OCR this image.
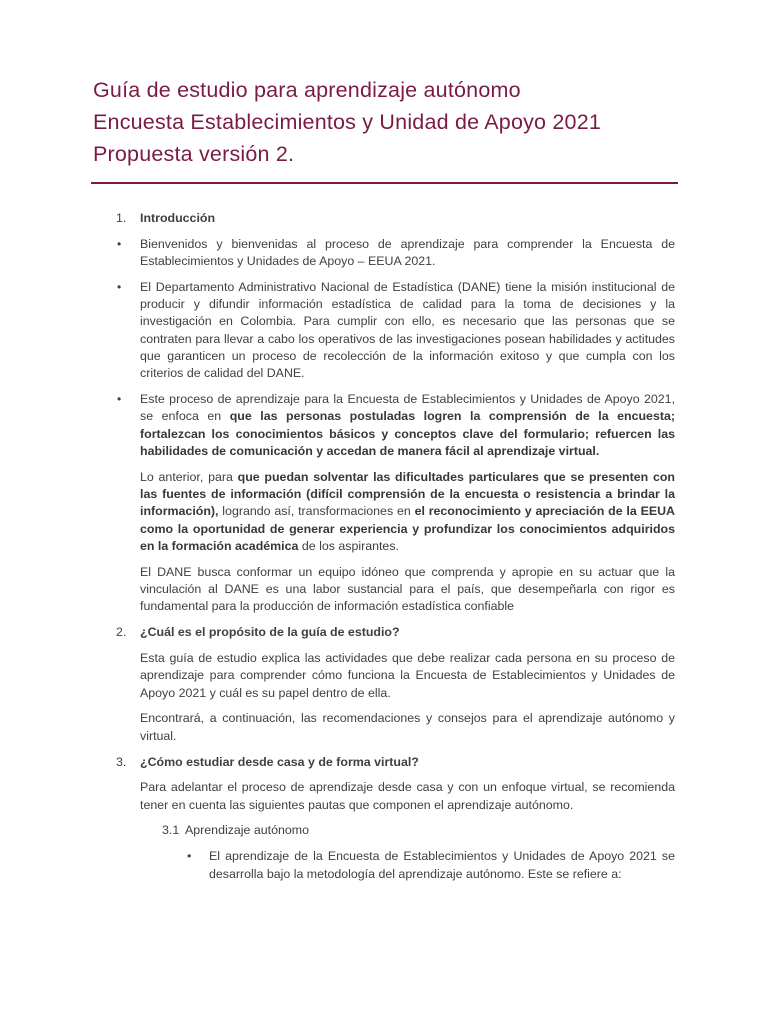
Guía de estudio para aprendizaje autónomo
Encuesta Establecimientos y Unidad de Apoyo 2021
Propuesta versión 2.
1. Introducción
• Bienvenidos y bienvenidas al proceso de aprendizaje para comprender la Encuesta de Establecimientos y Unidades de Apoyo – EEUA 2021.
• El Departamento Administrativo Nacional de Estadística (DANE) tiene la misión institucional de producir y difundir información estadística de calidad para la toma de decisiones y la investigación en Colombia. Para cumplir con ello, es necesario que las personas que se contraten para llevar a cabo los operativos de las investigaciones posean habilidades y actitudes que garanticen un proceso de recolección de la información exitoso y que cumpla con los criterios de calidad del DANE.
• Este proceso de aprendizaje para la Encuesta de Establecimientos y Unidades de Apoyo 2021, se enfoca en que las personas postuladas logren la comprensión de la encuesta; fortalezcan los conocimientos básicos y conceptos clave del formulario; refuercen las habilidades de comunicación y accedan de manera fácil al aprendizaje virtual.
Lo anterior, para que puedan solventar las dificultades particulares que se presenten con las fuentes de información (difícil comprensión de la encuesta o resistencia a brindar la información), logrando así, transformaciones en el reconocimiento y apreciación de la EEUA como la oportunidad de generar experiencia y profundizar los conocimientos adquiridos en la formación académica de los aspirantes.
El DANE busca conformar un equipo idóneo que comprenda y apropie en su actuar que la vinculación al DANE es una labor sustancial para el país, que desempeñarla con rigor es fundamental para la producción de información estadística confiable
2. ¿Cuál es el propósito de la guía de estudio?
Esta guía de estudio explica las actividades que debe realizar cada persona en su proceso de aprendizaje para comprender cómo funciona la Encuesta de Establecimientos y Unidades de Apoyo 2021 y cuál es su papel dentro de ella.
Encontrará, a continuación, las recomendaciones y consejos para el aprendizaje autónomo y virtual.
3. ¿Cómo estudiar desde casa y de forma virtual?
Para adelantar el proceso de aprendizaje desde casa y con un enfoque virtual, se recomienda tener en cuenta las siguientes pautas que componen el aprendizaje autónomo.
3.1 Aprendizaje autónomo
• El aprendizaje de la Encuesta de Establecimientos y Unidades de Apoyo 2021 se desarrolla bajo la metodología del aprendizaje autónomo. Este se refiere a:
